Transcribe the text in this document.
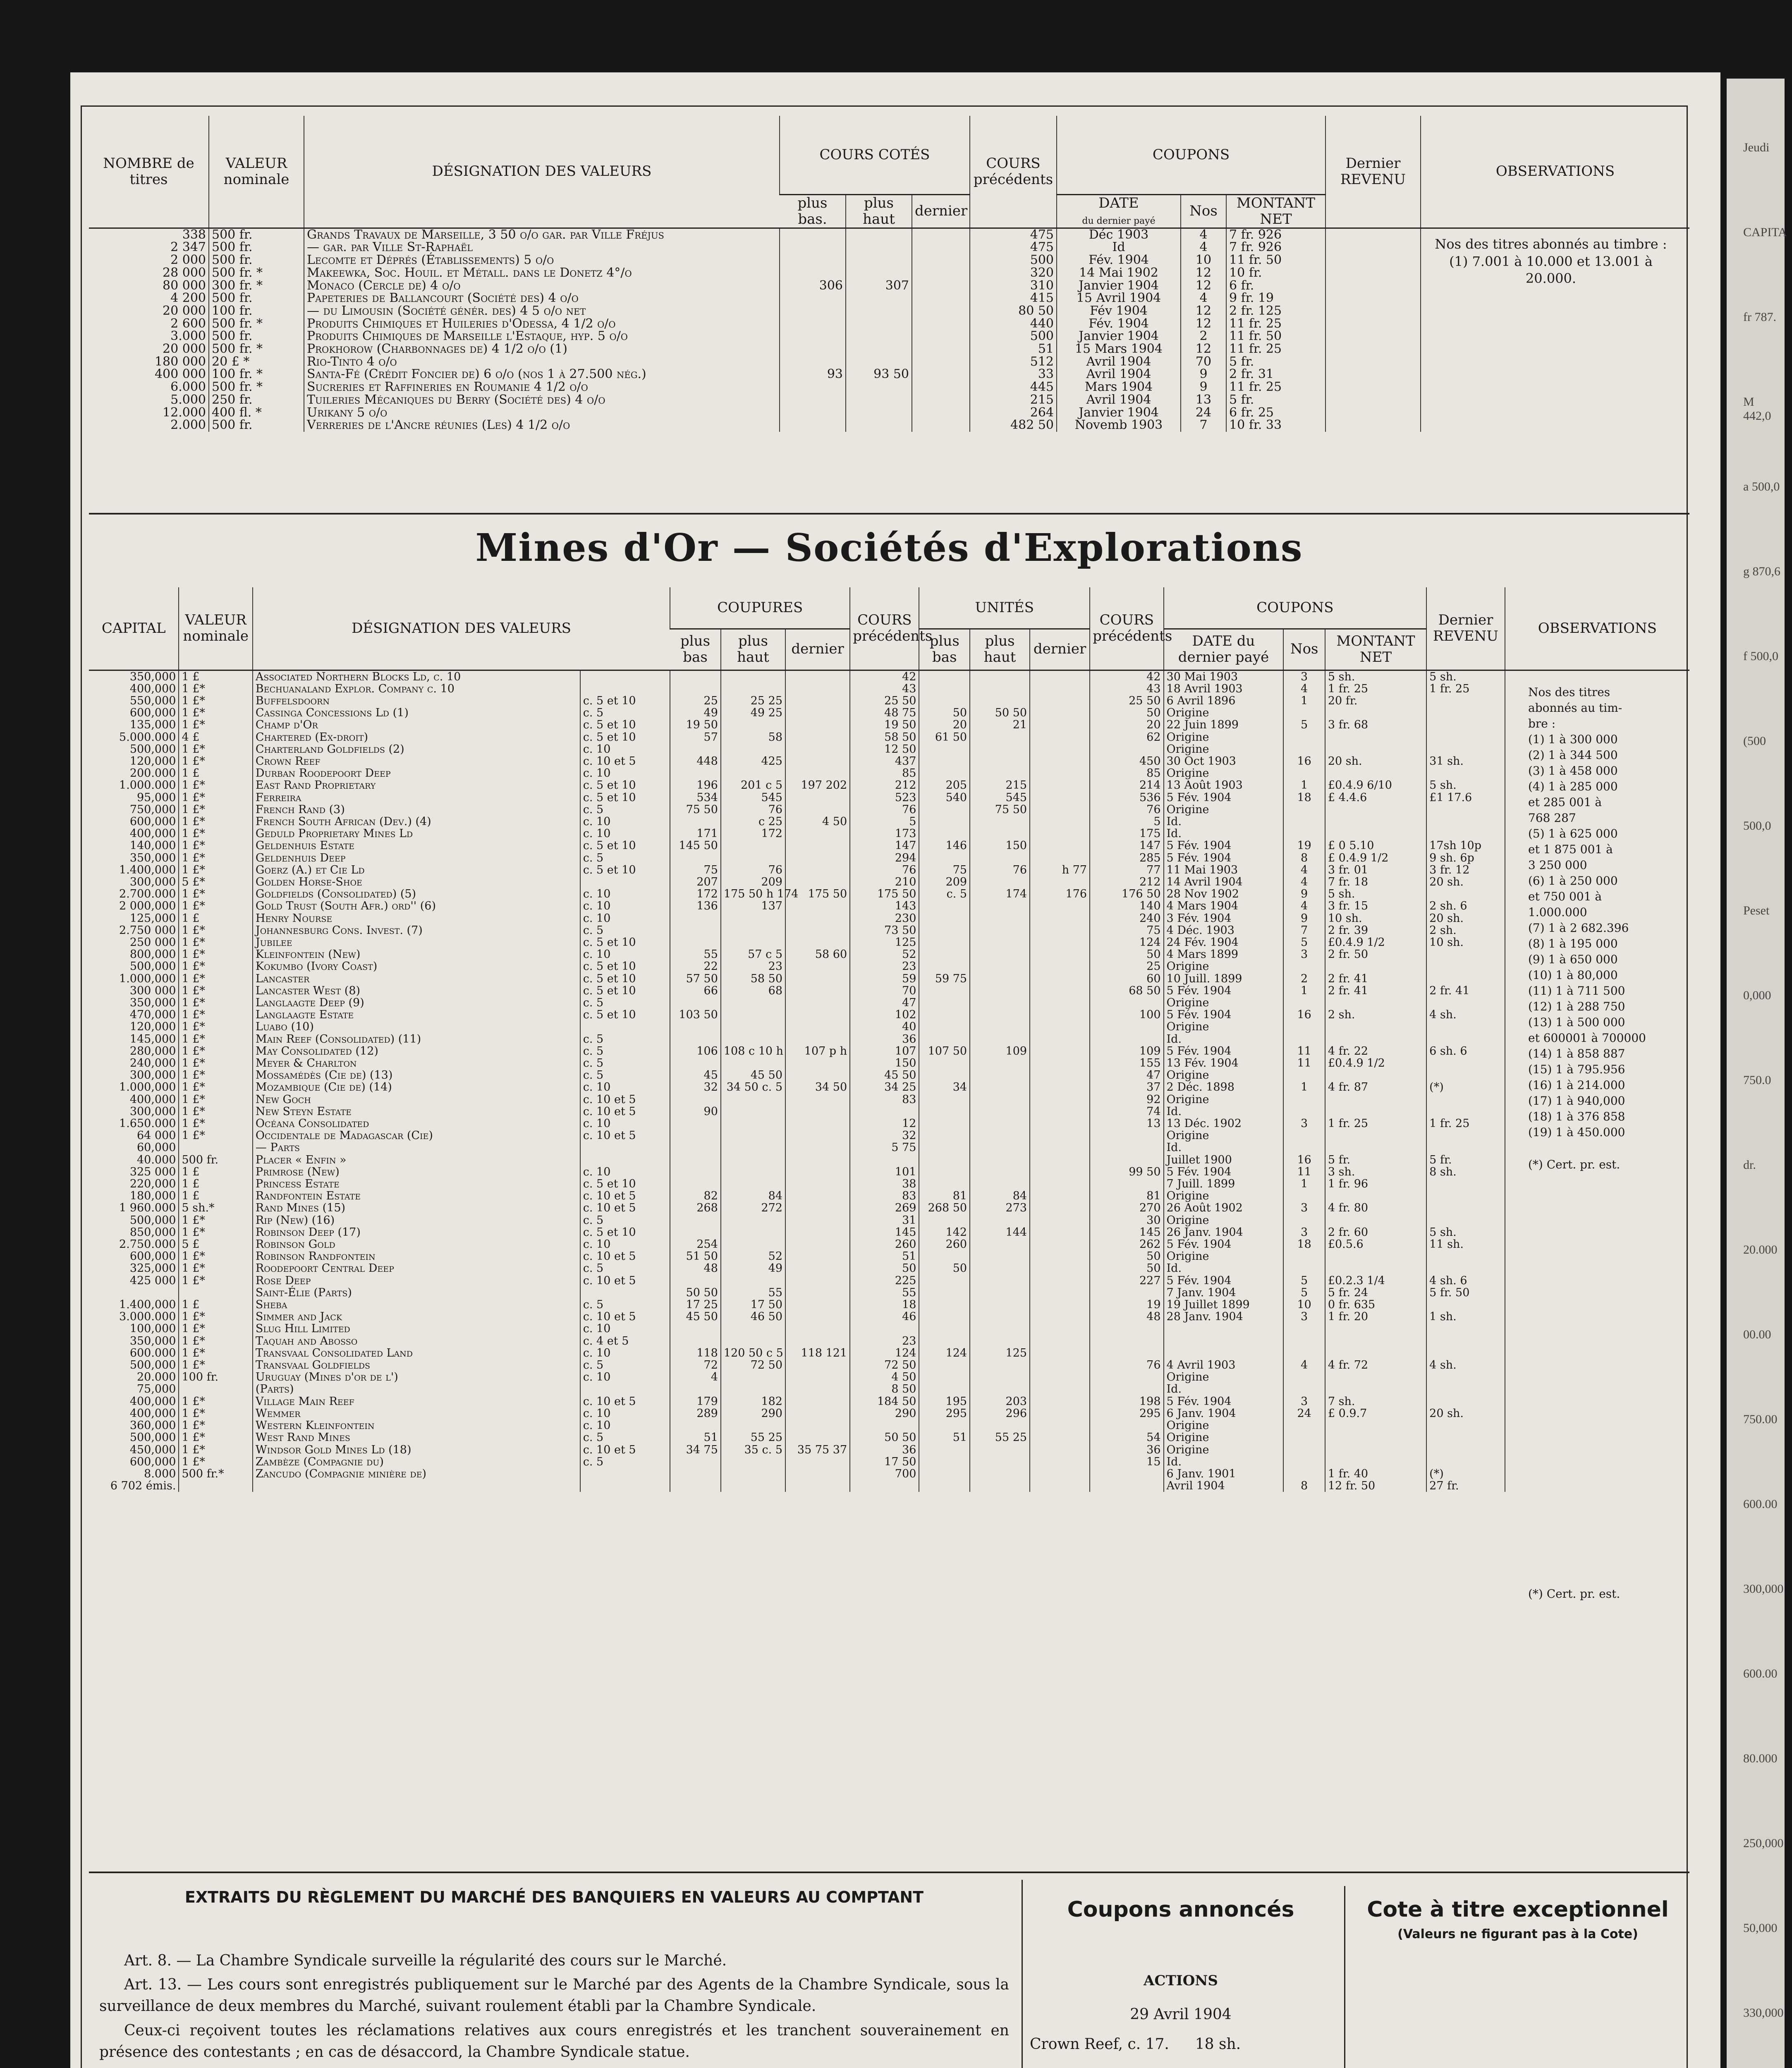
Jeudi
CAPITA
fr 787.
M 442,0
a 500,0
g 870,6
f 500,0
(500
500,0
Peset
0,000
750.0
dr.
20.000
00.00
750.00
600.00
300,000
600.00
80.000
250,000
50,000
330,000
NOMBRE de titres	VALEUR nominale	DÉSIGNATION DES VALEURS	COURS COTÉS			COURS précédents	COUPONS			Dernier REVENU	OBSERVATIONS
			plus bas.	plus haut	dernier		DATE
du dernier payé	Nos	MONTANT NET		
338	500 fr.	Grands Travaux de Marseille, 3 50 o/o gar. par Ville Fréjus				475	Déc 1903	4	7 fr. 926		
2 347	500 fr.	— gar. par Ville St-Raphaël				475	Id	4	7 fr. 926		
2 000	500 fr.	Lecomte et Déprés (Établissements) 5 o/o				500	Fév. 1904	10	11 fr. 50		
28 000	500 fr. *	Makeewka, Soc. Houil. et Métall. dans le Donetz 4°/o				320	14 Mai 1902	12	10 fr.		
80 000	300 fr. *	Monaco (Cercle de) 4 o/o	306	307		310	Janvier 1904	12	6 fr.		
4 200	500 fr.	Papeteries de Ballancourt (Société des) 4 o/o				415	15 Avril 1904	4	9 fr. 19		
20 000	100 fr.	— du Limousin (Société génér. des) 4 5 o/o net				80 50	Fév 1904	12	2 fr. 125		
2 600	500 fr. *	Produits Chimiques et Huileries d'Odessa, 4 1/2 o/o				440	Fév. 1904	12	11 fr. 25		
3.000	500 fr.	Produits Chimiques de Marseille l'Estaque, hyp. 5 o/o				500	Janvier 1904	2	11 fr. 50		
20 000	500 fr. *	Prokhorow (Charbonnages de) 4 1/2 o/o (1)				51	15 Mars 1904	12	11 fr. 25		
180 000	20 £ *	Rio-Tinto 4 o/o				512	Avril 1904	70	5 fr.		
400 000	100 fr. *	Santa-Fé (Crédit Foncier de) 6 o/o (nos 1 à 27.500 nég.)	93	93 50		33	Avril 1904	9	2 fr. 31		
6.000	500 fr. *	Sucreries et Raffineries en Roumanie 4 1/2 o/o				445	Mars 1904	9	11 fr. 25		
5.000	250 fr.	Tuileries Mécaniques du Berry (Société des) 4 o/o				215	Avril 1904	13	5 fr.		
12.000	400 fl. *	Urikany 5 o/o				264	Janvier 1904	24	6 fr. 25		
2.000	500 fr.	Verreries de l'Ancre réunies (Les) 4 1/2 o/o				482 50	Novemb 1903	7	10 fr. 33		
Nos des titres abonnés au timbre : (1) 7.001 à 10.000 et 13.001 à 20.000.
Mines d'Or — Sociétés d'Explorations
CAPITAL	VALEUR nominale	DÉSIGNATION DES VALEURS		COUPURES			COURS précédents	UNITÉS			COURS précédents	COUPONS			Dernier REVENU	OBSERVATIONS
				plus bas	plus haut	dernier		plus bas	plus haut	dernier		DATE du dernier payé	Nos	MONTANT NET		
350,000	1 £	Associated Northern Blocks Ld, c. 10					42				42	30 Mai 1903	3	5 sh.	5 sh.	
400,000	1 £*	Bechuanaland Explor. Company c. 10					43				43	18 Avril 1903	4	1 fr. 25	1 fr. 25	
550,000	1 £*	Buffelsdoorn	c. 5 et 10	25	25 25		25 50				25 50	6 Avril 1896	1	20 fr.		
600,000	1 £*	Cassinga Concessions Ld (1)	c. 5	49	49 25		48 75	50	50 50		50	Origine				
135,000	1 £*	Champ d'Or	c. 5 et 10	19 50			19 50	20	21		20	22 Juin 1899	5	3 fr. 68		
5.000.000	4 £	Chartered (Ex-droit)	c. 5 et 10	57	58		58 50	61 50			62	Origine				
500,000	1 £*	Charterland Goldfields (2)	c. 10				12 50					Origine				
120,000	1 £*	Crown Reef	c. 10 et 5	448	425		437				450	30 Oct 1903	16	20 sh.	31 sh.	
200.000	1 £	Durban Roodepoort Deep	c. 10				85				85	Origine				
1.000.000	1 £*	East Rand Proprietary	c. 5 et 10	196	201 c 5	197 202	212	205	215		214	13 Août 1903	1	£0.4.9 6/10	5 sh.	
95,000	1 £*	Ferreira	c. 5 et 10	534	545		523	540	545		536	5 Fév. 1904	18	£ 4.4.6	£1 17.6	
750,000	1 £*	French Rand (3)	c. 5	75 50	76		76		75 50		76	Origine				
600,000	1 £*	French South African (Dev.) (4)	c. 10		c 25	4 50	5				5	Id.				
400,000	1 £*	Geduld Proprietary Mines Ld	c. 10	171	172		173				175	Id.				
140,000	1 £*	Geldenhuis Estate	c. 5 et 10	145 50			147	146	150		147	5 Fév. 1904	19	£ 0 5.10	17sh 10p	
350,000	1 £*	Geldenhuis Deep	c. 5				294				285	5 Fév. 1904	8	£ 0.4.9 1/2	9 sh. 6p	
1.400,000	1 £*	Goerz (A.) et Cie Ld	c. 5 et 10	75	76		76	75	76	h 77	77	11 Mai 1903	4	3 fr. 01	3 fr. 12	
300,000	5 £*	Golden Horse-Shoe		207	209		210	209			212	14 Avril 1904	4	7 fr. 18	20 sh.	
2.700.000	1 £*	Goldfields (Consolidated) (5)	c. 10	172	175 50 h 174	175 50	175 50	c. 5	174	176	176 50	28 Nov 1902	9	5 sh.		
2 000,000	1 £*	Gold Trust (South Afr.) ord'' (6)	c. 10	136	137		143				140	4 Mars 1904	4	3 fr. 15	2 sh. 6	
125,000	1 £	Henry Nourse	c. 10				230				240	3 Fév. 1904	9	10 sh.	20 sh.	
2.750 000	1 £*	Johannesburg Cons. Invest. (7)	c. 5				73 50				75	4 Déc. 1903	7	2 fr. 39	2 sh.	
250 000	1 £*	Jubilee	c. 5 et 10				125				124	24 Fév. 1904	5	£0.4.9 1/2	10 sh.	
800,000	1 £*	Kleinfontein (New)	c. 10	55	57 c 5	58 60	52				50	4 Mars 1899	3	2 fr. 50		
500,000	1 £*	Kokumbo (Ivory Coast)	c. 5 et 10	22	23		23				25	Origine				
1.000,000	1 £*	Lancaster	c. 5 et 10	57 50	58 50		59	59 75			60	10 Juill. 1899	2	2 fr. 41		
300 000	1 £*	Lancaster West (8)	c. 5 et 10	66	68		70				68 50	5 Fév. 1904	1	2 fr. 41	2 fr. 41	
350,000	1 £*	Langlaagte Deep (9)	c. 5				47					Origine				
470,000	1 £*	Langlaagte Estate	c. 5 et 10	103 50			102				100	5 Fév. 1904	16	2 sh.	4 sh.	
120,000	1 £*	Luabo (10)					40					Origine				
145,000	1 £*	Main Reef (Consolidated) (11)	c. 5				36					Id.				
280,000	1 £*	May Consolidated (12)	c. 5	106	108 c 10 h	107 p h	107	107 50	109		109	5 Fév. 1904	11	4 fr. 22	6 sh. 6	
240,000	1 £*	Meyer & Charlton	c. 5				150				155	13 Fév. 1904	11	£0.4.9 1/2		
300,000	1 £*	Mossamédès (Cie de) (13)	c. 5	45	45 50		45 50				47	Origine				
1.000,000	1 £*	Mozambique (Cie de) (14)	c. 10	32	34 50 c. 5	34 50	34 25	34			37	2 Déc. 1898	1	4 fr. 87	(*)	
400,000	1 £*	New Goch	c. 10 et 5				83				92	Origine				
300,000	1 £*	New Steyn Estate	c. 10 et 5	90							74	Id.				
1.650.000	1 £*	Océana Consolidated	c. 10				12				13	13 Déc. 1902	3	1 fr. 25	1 fr. 25	
64 000	1 £*	Occidentale de Madagascar (Cie)	c. 10 et 5				32					Origine				
60,000		— Parts					5 75					Id.				
40.000	500 fr.	Placer « Enfin »										Juillet 1900	16	5 fr.	5 fr.	
325 000	1 £	Primrose (New)	c. 10				101				99 50	5 Fév. 1904	11	3 sh.	8 sh.	
220,000	1 £	Princess Estate	c. 5 et 10				38					7 Juill. 1899	1	1 fr. 96		
180,000	1 £	Randfontein Estate	c. 10 et 5	82	84		83	81	84		81	Origine				
1 960.000	5 sh.*	Rand Mines (15)	c. 10 et 5	268	272		269	268 50	273		270	26 Août 1902	3	4 fr. 80		
500,000	1 £*	Rip (New) (16)	c. 5				31				30	Origine				
850,000	1 £*	Robinson Deep (17)	c. 5 et 10				145	142	144		145	26 Janv. 1904	3	2 fr. 60	5 sh.	
2.750.000	5 £	Robinson Gold	c. 10	254			260	260			262	5 Fév. 1904	18	£0.5.6	11 sh.	
600,000	1 £*	Robinson Randfontein	c. 10 et 5	51 50	52		51				50	Origine				
325,000	1 £*	Roodepoort Central Deep	c. 5	48	49		50	50			50	Id.				
425 000	1 £*	Rose Deep	c. 10 et 5				225				227	5 Fév. 1904	5	£0.2.3 1/4	4 sh. 6	
		Saint-Élie (Parts)		50 50	55		55					7 Janv. 1904	5	5 fr. 24	5 fr. 50	
1.400,000	1 £	Sheba	c. 5	17 25	17 50		18				19	19 Juillet 1899	10	0 fr. 635		
3.000.000	1 £*	Simmer and Jack	c. 10 et 5	45 50	46 50		46				48	28 Janv. 1904	3	1 fr. 20	1 sh.	
100,000	1 £*	Slug Hill Limited	c. 10													
350,000	1 £*	Taquah and Abosso	c. 4 et 5				23									
600.000	1 £*	Transvaal Consolidated Land	c. 10	118	120 50 c 5	118 121	124	124	125							
500,000	1 £*	Transvaal Goldfields	c. 5	72	72 50		72 50				76	4 Avril 1903	4	4 fr. 72	4 sh.	
20.000	100 fr.	Uruguay (Mines d'or de l')	c. 10	4			4 50					Origine				
75,000		(Parts)					8 50					Id.				
400,000	1 £*	Village Main Reef	c. 10 et 5	179	182		184 50	195	203		198	5 Fév. 1904	3	7 sh.		
400,000	1 £*	Wemmer	c. 10	289	290		290	295	296		295	6 Janv. 1904	24	£ 0.9.7	20 sh.	
360,000	1 £*	Western Kleinfontein	c. 10									Origine				
500,000	1 £*	West Rand Mines	c. 5	51	55 25		50 50	51	55 25		54	Origine				
450,000	1 £*	Windsor Gold Mines Ld (18)	c. 10 et 5	34 75	35 c. 5	35 75 37	36				36	Origine				
600,000	1 £*	Zambèze (Compagnie du)	c. 5				17 50				15	Id.				
8.000	500 fr.*	Zancudo (Compagnie minière de)					700					6 Janv. 1901		1 fr. 40	(*)	
6 702 émis.												Avril 1904	8	12 fr. 50	27 fr.	
Nos des titres
abonnés au tim-
bre :
(1) 1 à 300 000
(2) 1 à 344 500
(3) 1 à 458 000
(4) 1 à 285 000
et 285 001 à
768 287
(5) 1 à 625 000
et 1 875 001 à
3 250 000
(6) 1 à 250 000
et 750 001 à
1.000.000
(7) 1 à 2 682.396
(8) 1 à 195 000
(9) 1 à 650 000
(10) 1 à 80,000
(11) 1 à 711 500
(12) 1 à 288 750
(13) 1 à 500 000
et 600001 à 700000
(14) 1 à 858 887
(15) 1 à 795.956
(16) 1 à 214.000
(17) 1 à 940,000
(18) 1 à 376 858
(19) 1 à 450.000
(*) Cert. pr. est.
(*) Cert. pr. est.
EXTRAITS DU RÈGLEMENT DU MARCHÉ DES BANQUIERS EN VALEURS AU COMPTANT

Art. 8. — La Chambre Syndicale surveille la régularité des cours sur le Marché.

Art. 13. — Les cours sont enregistrés publiquement sur le Marché par des Agents de la Chambre Syndicale, sous la surveillance de deux membres du Marché, suivant roulement établi par la Chambre Syndicale.

Ceux-ci reçoivent toutes les réclamations relatives aux cours enregistrés et les tranchent souverainement en présence des contestants ; en cas de désaccord, la Chambre Syndicale statue.

Coupons annoncés
ACTIONS
29 Avril 1904
Crown Reef, c. 17. 18 sh.
Cote à titre exceptionnel
(Valeurs ne figurant pas à la Cote)
